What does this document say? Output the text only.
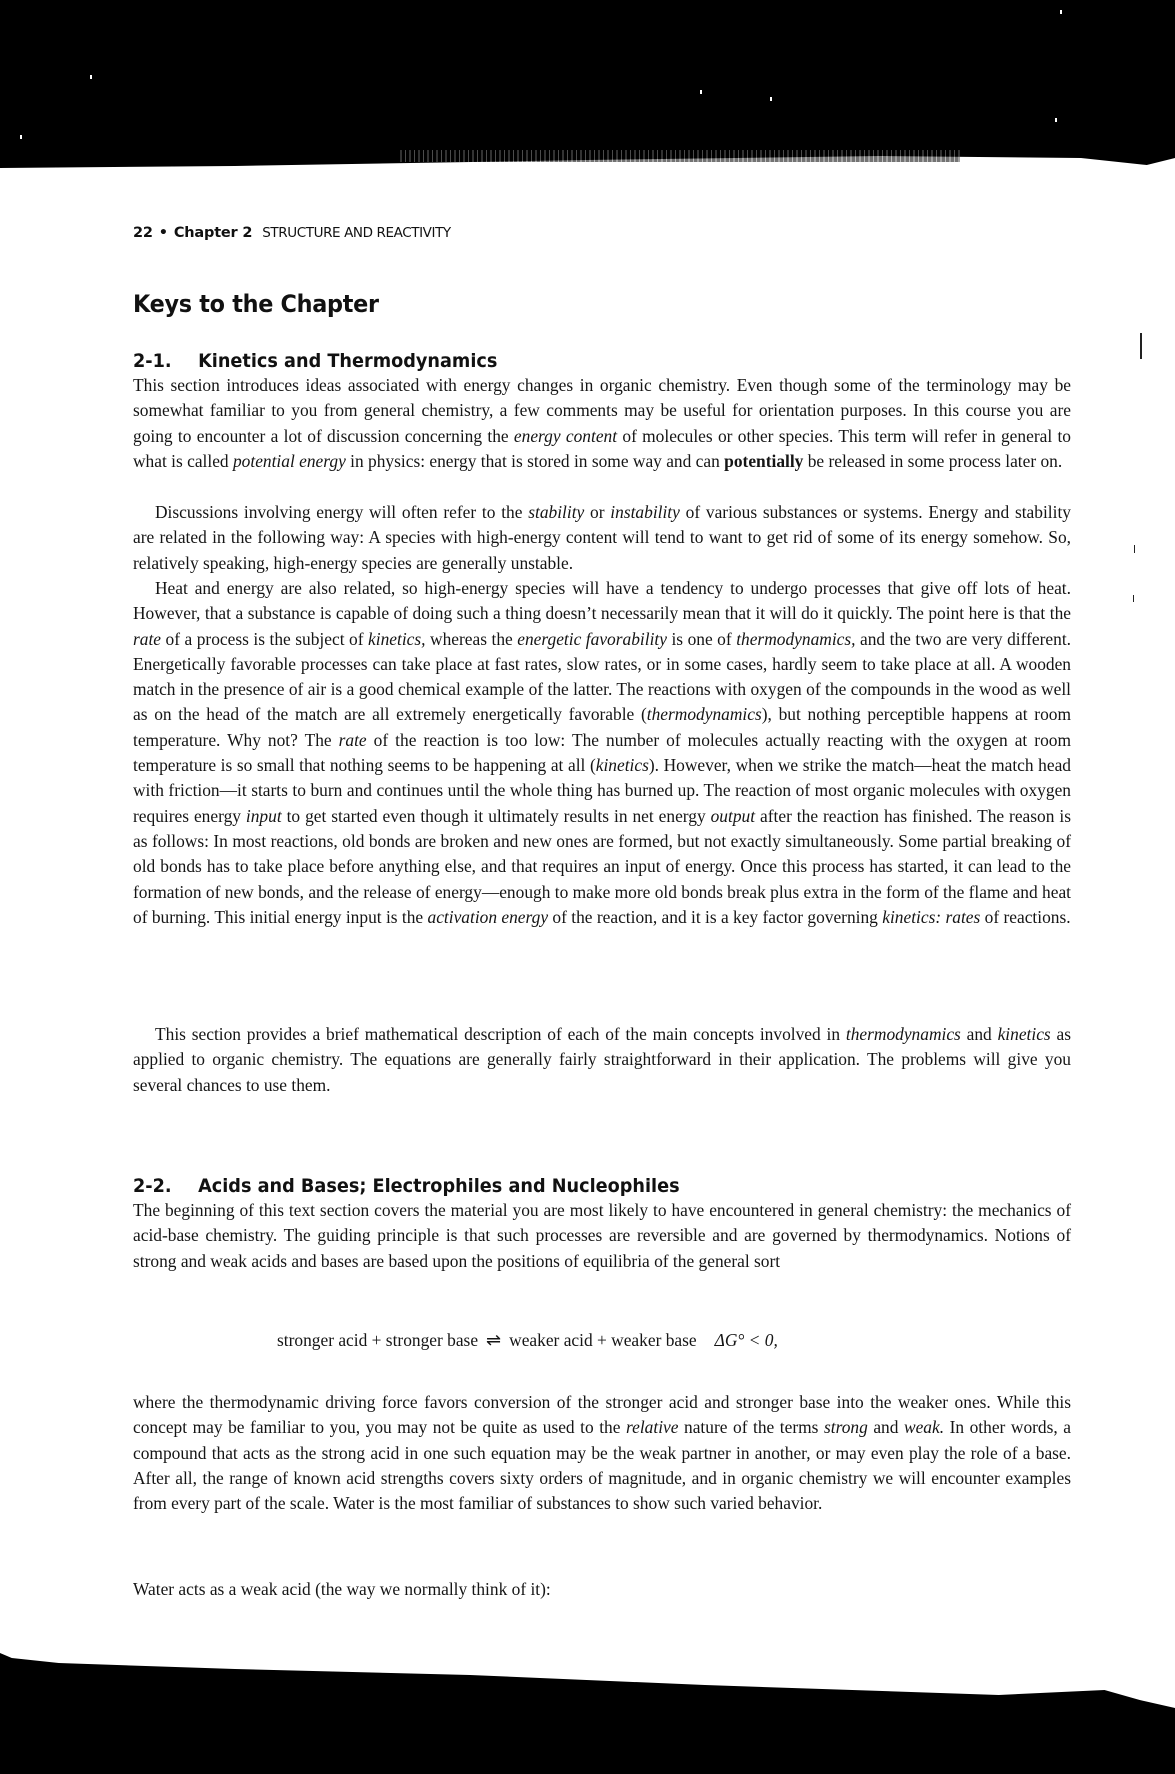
22 • Chapter 2 STRUCTURE AND REACTIVITY
Keys to the Chapter
2-1. Kinetics and Thermodynamics

This section introduces ideas associated with energy changes in organic chemistry. Even though some of the terminology may be somewhat familiar to you from general chemistry, a few comments may be useful for orientation purposes. In this course you are going to encounter a lot of discussion concerning the energy content of molecules or other species. This term will refer in general to what is called potential energy in physics: energy that is stored in some way and can potentially be released in some process later on.

Discussions involving energy will often refer to the stability or instability of various substances or systems. Energy and stability are related in the following way: A species with high-energy content will tend to want to get rid of some of its energy somehow. So, relatively speaking, high-energy species are generally unstable.

Heat and energy are also related, so high-energy species will have a tendency to undergo processes that give off lots of heat. However, that a substance is capable of doing such a thing doesn’t necessarily mean that it will do it quickly. The point here is that the rate of a process is the subject of kinetics, whereas the energetic favorability is one of thermodynamics, and the two are very different. Energetically favorable processes can take place at fast rates, slow rates, or in some cases, hardly seem to take place at all. A wooden match in the presence of air is a good chemical example of the latter. The reactions with oxygen of the compounds in the wood as well as on the head of the match are all extremely energetically favorable (thermodynamics), but nothing perceptible happens at room temperature. Why not? The rate of the reaction is too low: The number of molecules actually reacting with the oxygen at room temperature is so small that nothing seems to be happening at all (kinetics). However, when we strike the match—heat the match head with friction—it starts to burn and continues until the whole thing has burned up. The reaction of most organic molecules with oxygen requires energy input to get started even though it ultimately results in net energy output after the reaction has finished. The reason is as follows: In most reactions, old bonds are broken and new ones are formed, but not exactly simultaneously. Some partial breaking of old bonds has to take place before anything else, and that requires an input of energy. Once this process has started, it can lead to the formation of new bonds, and the release of energy—enough to make more old bonds break plus extra in the form of the flame and heat of burning. This initial energy input is the activation energy of the reaction, and it is a key factor governing kinetics: rates of reactions.

This section provides a brief mathematical description of each of the main concepts involved in thermodynamics and kinetics as applied to organic chemistry. The equations are generally fairly straightforward in their application. The problems will give you several chances to use them.

2-2. Acids and Bases; Electrophiles and Nucleophiles

The beginning of this text section covers the material you are most likely to have encountered in general chemistry: the mechanics of acid-base chemistry. The guiding principle is that such processes are reversible and are governed by thermodynamics. Notions of strong and weak acids and bases are based upon the positions of equilibria of the general sort

stronger acid + stronger base ⇌ weaker acid + weaker base ΔG° < 0,

where the thermodynamic driving force favors conversion of the stronger acid and stronger base into the weaker ones. While this concept may be familiar to you, you may not be quite as used to the relative nature of the terms strong and weak. In other words, a compound that acts as the strong acid in one such equation may be the weak partner in another, or may even play the role of a base. After all, the range of known acid strengths covers sixty orders of magnitude, and in organic chemistry we will encounter examples from every part of the scale. Water is the most familiar of substances to show such varied behavior.

Water acts as a weak acid (the way we normally think of it):
